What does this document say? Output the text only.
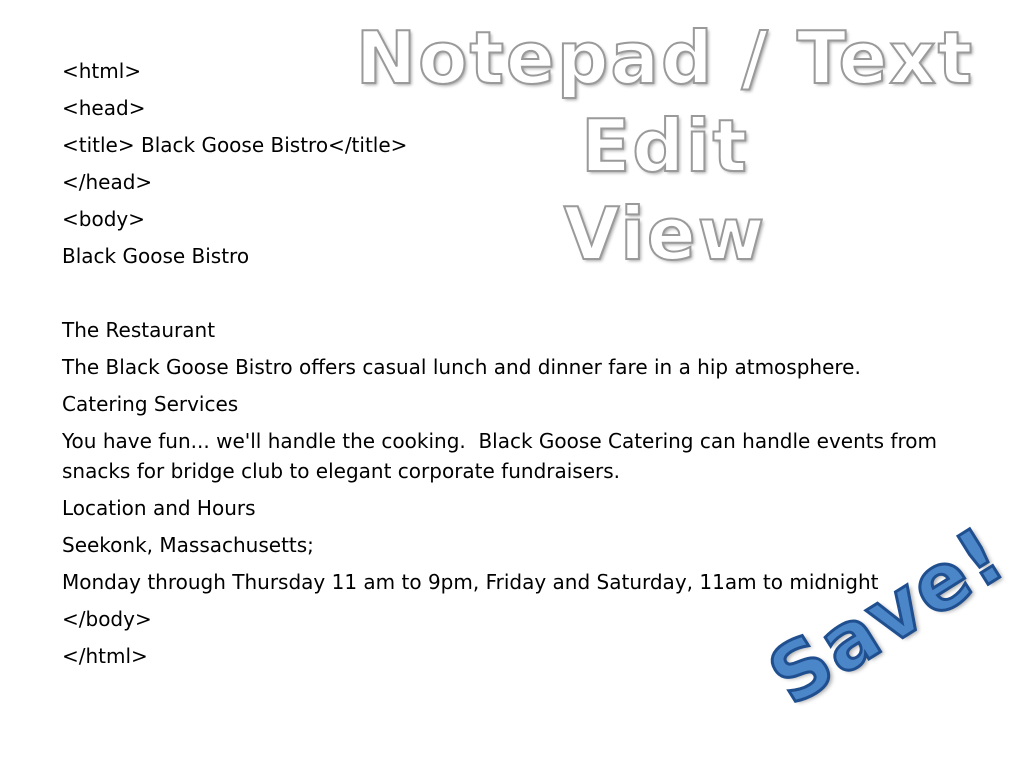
Notepad / Text Edit
View
<html>
<head>
<title> Black Goose Bistro</title>
</head>
<body>
Black Goose Bistro
The Restaurant
The Black Goose Bistro offers casual lunch and dinner fare in a hip atmosphere.
Catering Services
You have fun... we'll handle the cooking.  Black Goose Catering can handle events from snacks for bridge club to elegant corporate fundraisers.
Location and Hours
Seekonk, Massachusetts;
Monday through Thursday 11 am to 9pm, Friday and Saturday, 11am to midnight
</body>
</html>	Save!
